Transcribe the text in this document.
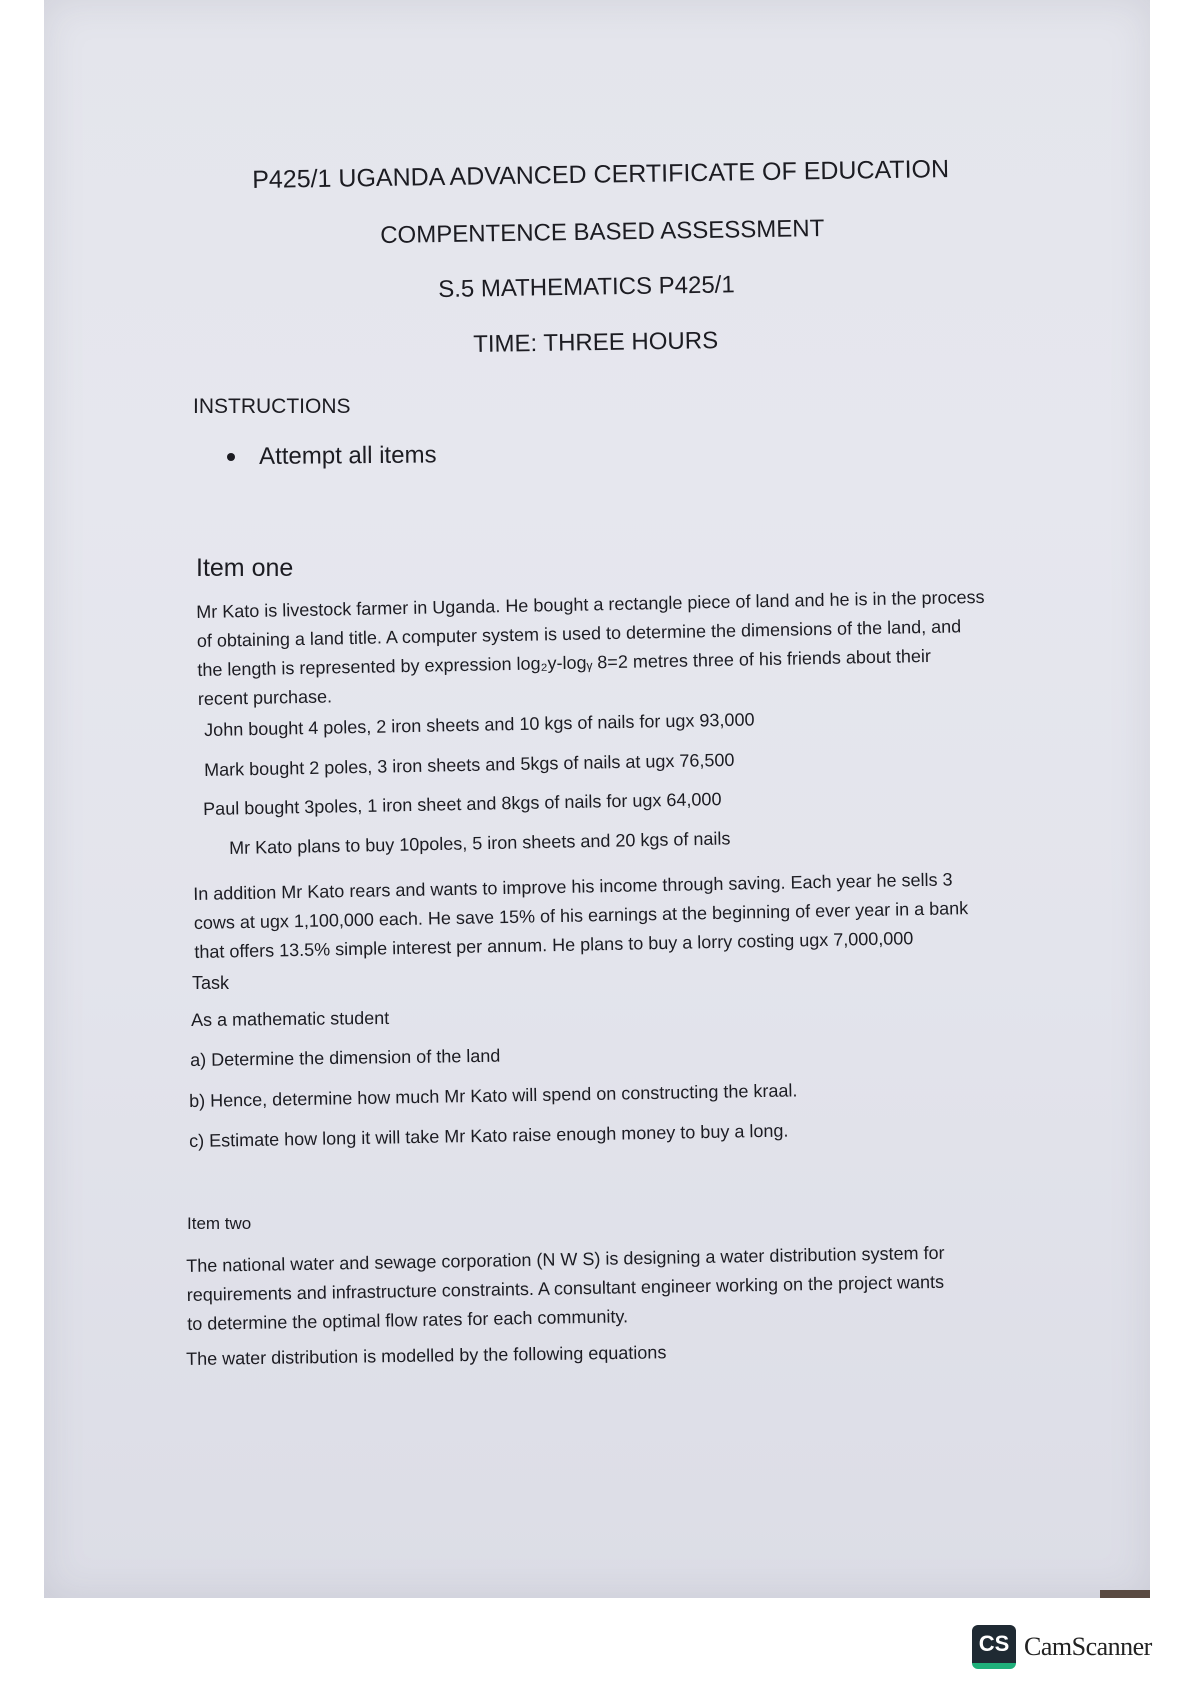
P425/1 UGANDA ADVANCED CERTIFICATE OF EDUCATION
COMPENTENCE BASED ASSESSMENT
S.5 MATHEMATICS P425/1
TIME: THREE HOURS
INSTRUCTIONS
Attempt all items
Item one
Mr Kato is livestock farmer in Uganda. He bought a rectangle piece of land and he is in the process
of obtaining a land title. A computer system is used to determine the dimensions of the land, and
the length is represented by expression log₂y-logᵧ 8=2 metres three of his friends about their
recent purchase.
John bought 4 poles, 2 iron sheets and 10 kgs of nails for ugx 93,000
Mark bought 2 poles, 3 iron sheets and 5kgs of nails at ugx 76,500
Paul bought 3poles, 1 iron sheet and 8kgs of nails for ugx 64,000
Mr Kato plans to buy 10poles, 5 iron sheets and 20 kgs of nails
In addition Mr Kato rears and wants to improve his income through saving. Each year he sells 3
cows at ugx 1,100,000 each. He save 15% of his earnings at the beginning of ever year in a bank
that offers 13.5% simple interest per annum. He plans to buy a lorry costing ugx 7,000,000
Task
As a mathematic student
a) Determine the dimension of the land
b) Hence, determine how much Mr Kato will spend on constructing the kraal.
c) Estimate how long it will take Mr Kato raise enough money to buy a long.
Item two
The national water and sewage corporation (N W S) is designing a water distribution system for
requirements and infrastructure constraints. A consultant engineer working on the project wants
to determine the optimal flow rates for each community.
The water distribution is modelled by the following equations
CS CamScanner
